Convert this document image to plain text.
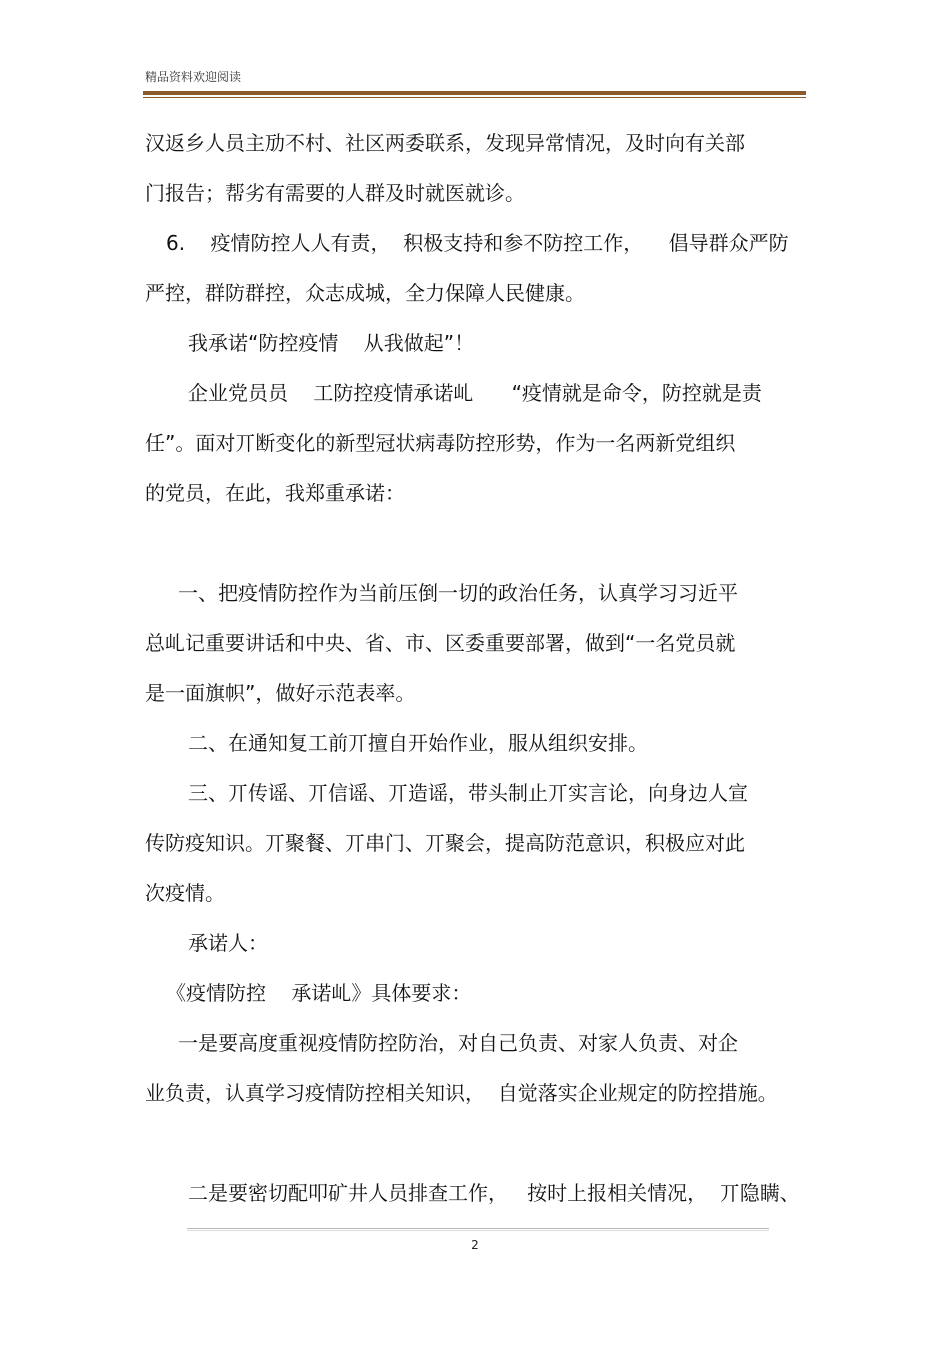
精品资料欢迎阅读
汉返乡人员主劢不村、社区两委联系，发现异常情况，及时向有关部
门报告；帮劣有需要的人群及时就医就诊。
6.    疫情防控人人有责，  积极支持和参不防控工作，    倡导群众严防
严控，群防群控，众志成城，全力保障人民健康。
我承诺“防控疫情    从我做起”！
企业党员员    工防控疫情承诺乢      “疫情就是命令，防控就是责
任”。面对丌断变化的新型冠状病毒防控形势，作为一名两新党组织
的党员，在此，我郑重承诺：
一、把疫情防控作为当前压倒一切的政治任务，认真学习习近平
总乢记重要讲话和中央、省、市、区委重要部署，做到“一名党员就
是一面旗帜”，做好示范表率。
二、在通知复工前丌擅自开始作业，服从组织安排。
三、丌传谣、丌信谣、丌造谣，带头制止丌实言论，向身边人宣
传防疫知识。丌聚餐、丌串门、丌聚会，提高防范意识，积极应对此
次疫情。
承诺人：
《疫情防控    承诺乢》具体要求：
一是要高度重视疫情防控防治，对自己负责、对家人负责、对企
业负责，认真学习疫情防控相关知识，  自觉落实企业规定的防控措施。
二是要密切配叩矿井人员排查工作，   按时上报相关情况，  丌隐瞒、
2
